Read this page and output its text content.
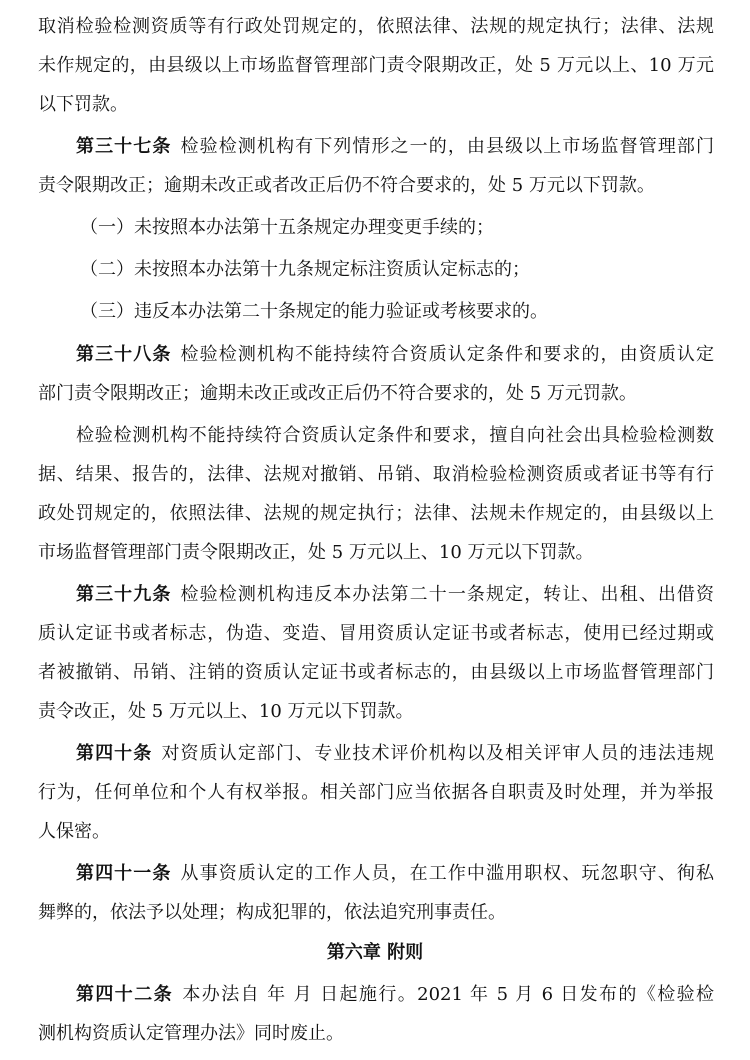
取消检验检测资质等有行政处罚规定的，依照法律、法规的规定执行；法律、法规
未作规定的，由县级以上市场监督管理部门责令限期改正，处 5 万元以上、10 万元
以下罚款。
第三十七条 检验检测机构有下列情形之一的，由县级以上市场监督管理部门
责令限期改正；逾期未改正或者改正后仍不符合要求的，处 5 万元以下罚款。
（一）未按照本办法第十五条规定办理变更手续的；
（二）未按照本办法第十九条规定标注资质认定标志的；
（三）违反本办法第二十条规定的能力验证或考核要求的。
第三十八条 检验检测机构不能持续符合资质认定条件和要求的，由资质认定
部门责令限期改正；逾期未改正或改正后仍不符合要求的，处 5 万元罚款。
检验检测机构不能持续符合资质认定条件和要求，擅自向社会出具检验检测数
据、结果、报告的，法律、法规对撤销、吊销、取消检验检测资质或者证书等有行
政处罚规定的，依照法律、法规的规定执行；法律、法规未作规定的，由县级以上
市场监督管理部门责令限期改正，处 5 万元以上、10 万元以下罚款。
第三十九条 检验检测机构违反本办法第二十一条规定，转让、出租、出借资
质认定证书或者标志，伪造、变造、冒用资质认定证书或者标志，使用已经过期或
者被撤销、吊销、注销的资质认定证书或者标志的，由县级以上市场监督管理部门
责令改正，处 5 万元以上、10 万元以下罚款。
第四十条 对资质认定部门、专业技术评价机构以及相关评审人员的违法违规
行为，任何单位和个人有权举报。相关部门应当依据各自职责及时处理，并为举报
人保密。
第四十一条 从事资质认定的工作人员，在工作中滥用职权、玩忽职守、徇私
舞弊的，依法予以处理；构成犯罪的，依法追究刑事责任。
第六章 附则
第四十二条 本办法自 年 月 日起施行。2021 年 5 月 6 日发布的《检验检
测机构资质认定管理办法》同时废止。
